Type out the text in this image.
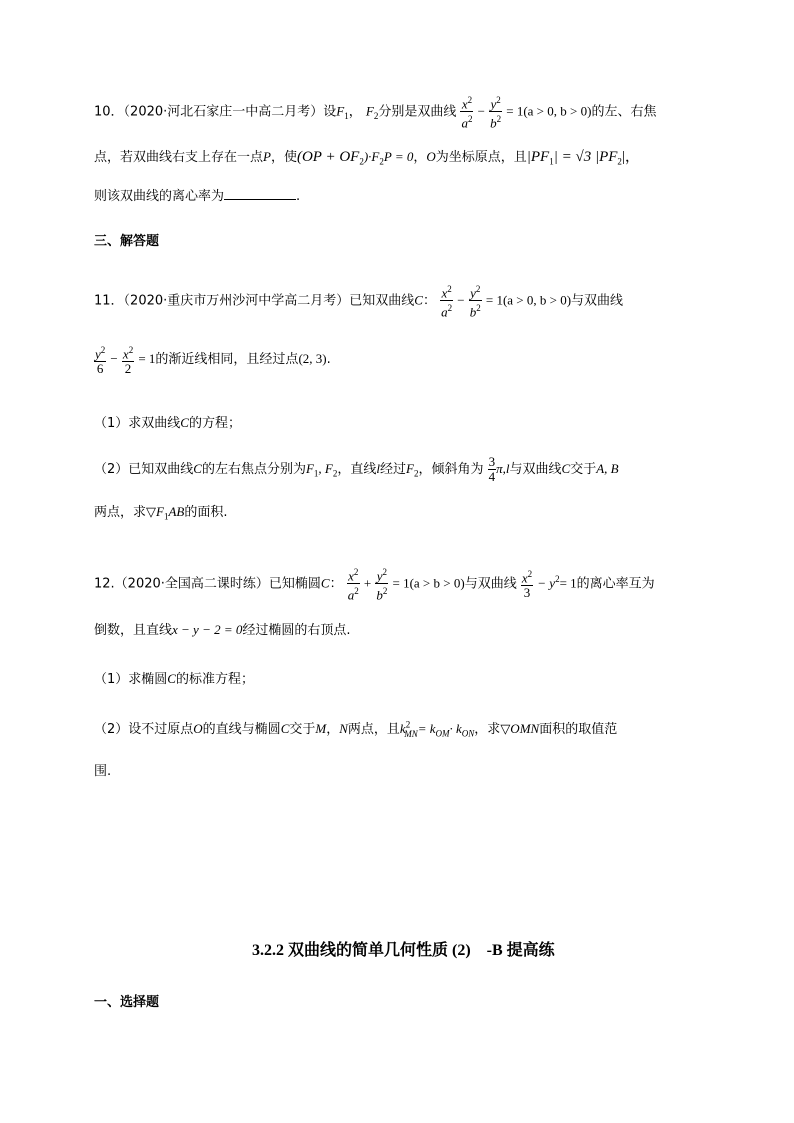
10．（2020·河北石家庄一中高二月考）设$F_1$， $F_2$分别是双曲线 $\frac{x^2}{a^2} - \frac{y^2}{b^2} = 1(a > 0$, b > 0)的左、右焦
点，若双曲线右支上存在一点P，使$(OP + OF_2)\cdot F_2P = 0$，O为坐标原点，且$|PF_1| = √3$ $|PF_2|$，
则该双曲线的离心率为	.
三、解答题
11．（2020·重庆市万州沙河中学高二月考）已知双曲线C： $\frac{x^2}{a^2} - \frac{y^2}{b^2} = 1(a > 0$, b > 0)与双曲线
$\frac{y^2}{6} - \frac{x^2}{2} = 1$的渐近线相同，且经过点(2, 3).
（1）求双曲线C的方程；
（2）已知双曲线C的左右焦点分别为$F_1$, $F_2$，直线l经过$F_2$，倾斜角为 $\frac{3}{4} \pi,l$与双曲线C交于A, B
两点，求$▽F_1AB$的面积.
12.（2020·全国高二课时练）已知椭圆C： $\frac{x^2}{a^2} + \frac{y^2}{b^2} = 1(a > b > 0)$与双曲线 $\frac{x^2}{3} - y^2= 1$的离心率互为
倒数，且直线x − y − 2 = 0经过椭圆的右顶点.
（1）求椭圆C的标准方程；
（2）设不过原点O的直线与椭圆C交于M，N两点，且$k^2_{MN}= k_{OM}\cdot k_{ON}$，求▽OMN面积的取值范
围.
3.2.2 双曲线的简单几何性质 (2)　-B 提高练
一、选择题
